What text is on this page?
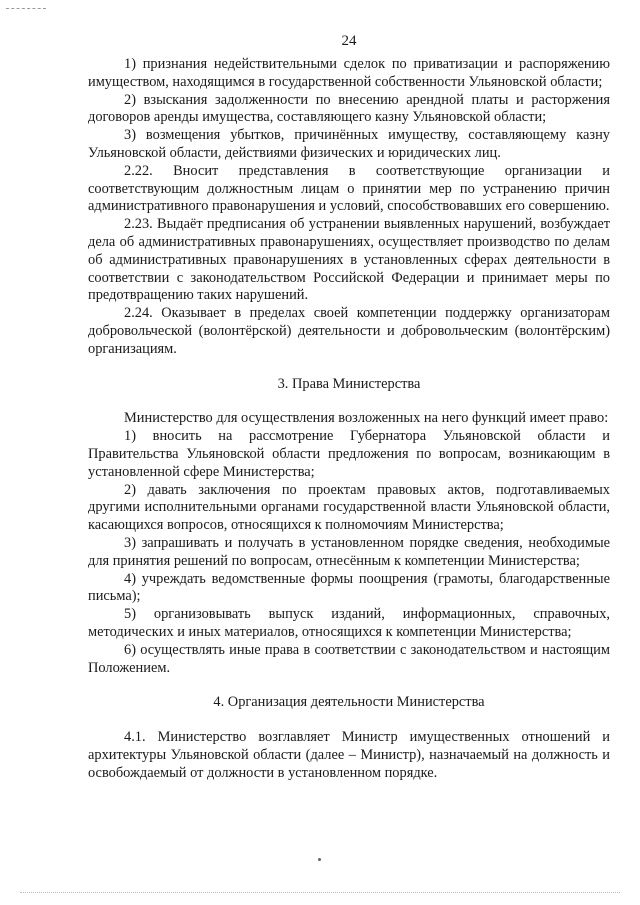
24

1) признания недействительными сделок по приватизации и распоряжению имуществом, находящимся в государственной собственности Ульяновской области;

2) взыскания задолженности по внесению арендной платы и расторжения договоров аренды имущества, составляющего казну Ульяновской области;

3) возмещения убытков, причинённых имуществу, составляющему казну Ульяновской области, действиями физических и юридических лиц.

2.22. Вносит представления в соответствующие организации и соответствующим должностным лицам о принятии мер по устранению причин административного правонарушения и условий, способствовавших его совершению.

2.23. Выдаёт предписания об устранении выявленных нарушений, возбуждает дела об административных правонарушениях, осуществляет производство по делам об административных правонарушениях в установленных сферах деятельности в соответствии с законодательством Российской Федерации и принимает меры по предотвращению таких нарушений.

2.24. Оказывает в пределах своей компетенции поддержку организаторам добровольческой (волонтёрской) деятельности и добровольческим (волонтёрским) организациям.

3. Права Министерства

Министерство для осуществления возложенных на него функций имеет право:

1) вносить на рассмотрение Губернатора Ульяновской области и Правительства Ульяновской области предложения по вопросам, возникающим в установленной сфере Министерства;

2) давать заключения по проектам правовых актов, подготавливаемых другими исполнительными органами государственной власти Ульяновской области, касающихся вопросов, относящихся к полномочиям Министерства;

3) запрашивать и получать в установленном порядке сведения, необходимые для принятия решений по вопросам, отнесённым к компетенции Министерства;

4) учреждать ведомственные формы поощрения (грамоты, благодарственные письма);

5) организовывать выпуск изданий, информационных, справочных, методических и иных материалов, относящихся к компетенции Министерства;

6) осуществлять иные права в соответствии с законодательством и настоящим Положением.

4. Организация деятельности Министерства

4.1. Министерство возглавляет Министр имущественных отношений и архитектуры Ульяновской области (далее – Министр), назначаемый на должность и освобождаемый от должности в установленном порядке.
